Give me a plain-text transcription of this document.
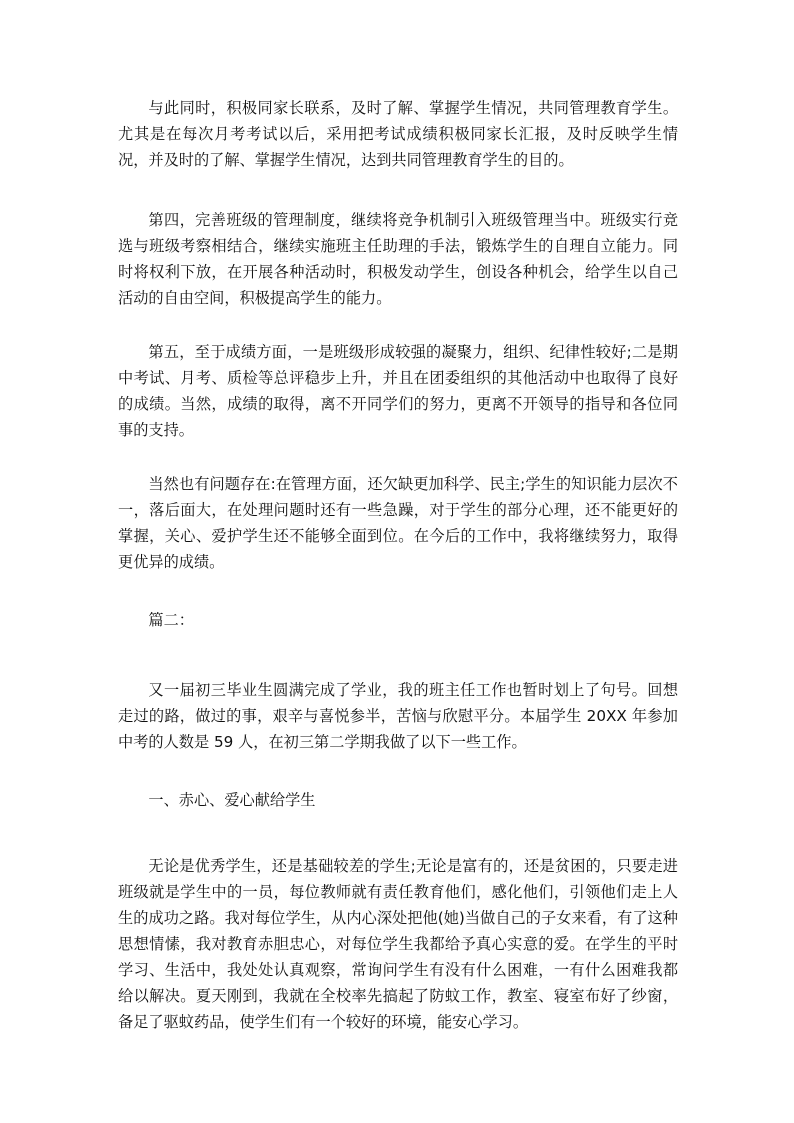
与此同时，积极同家长联系，及时了解、掌握学生情况，共同管理教育学生。尤其是在每次月考考试以后，采用把考试成绩积极同家长汇报，及时反映学生情况，并及时的了解、掌握学生情况，达到共同管理教育学生的目的。

第四，完善班级的管理制度，继续将竞争机制引入班级管理当中。班级实行竞选与班级考察相结合，继续实施班主任助理的手法，锻炼学生的自理自立能力。同时将权利下放，在开展各种活动时，积极发动学生，创设各种机会，给学生以自己活动的自由空间，积极提高学生的能力。

第五，至于成绩方面，一是班级形成较强的凝聚力，组织、纪律性较好;二是期中考试、月考、质检等总评稳步上升，并且在团委组织的其他活动中也取得了良好的成绩。当然，成绩的取得，离不开同学们的努力，更离不开领导的指导和各位同事的支持。

当然也有问题存在:在管理方面，还欠缺更加科学、民主;学生的知识能力层次不一，落后面大，在处理问题时还有一些急躁，对于学生的部分心理，还不能更好的掌握，关心、爱护学生还不能够全面到位。在今后的工作中，我将继续努力，取得更优异的成绩。

篇二：

又一届初三毕业生圆满完成了学业，我的班主任工作也暂时划上了句号。回想走过的路，做过的事，艰辛与喜悦参半，苦恼与欣慰平分。本届学生 20XX 年参加中考的人数是 59 人，在初三第二学期我做了以下一些工作。

一、赤心、爱心献给学生

无论是优秀学生，还是基础较差的学生;无论是富有的，还是贫困的，只要走进班级就是学生中的一员，每位教师就有责任教育他们，感化他们，引领他们走上人生的成功之路。我对每位学生，从内心深处把他(她)当做自己的子女来看，有了这种思想情愫，我对教育赤胆忠心，对每位学生我都给予真心实意的爱。在学生的平时学习、生活中，我处处认真观察，常询问学生有没有什么困难，一有什么困难我都给以解决。夏天刚到，我就在全校率先搞起了防蚊工作，教室、寝室布好了纱窗，备足了驱蚊药品，使学生们有一个较好的环境，能安心学习。
